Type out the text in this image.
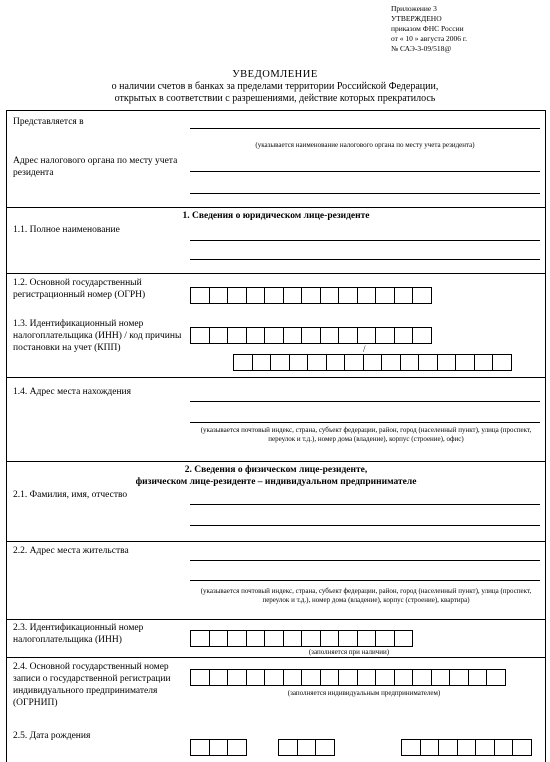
Приложение 3
УТВЕРЖДЕНО
приказом ФНС России
от « 10 » августа 2006 г.
№ САЭ-3-09/518@
УВЕДОМЛЕНИЕ
о наличии счетов в банках за пределами территории Российской Федерации,
открытых в соответствии с разрешениями, действие которых прекратилось
Представляется в
(указывается наименование налогового органа по месту учета резидента)
Адрес налогового органа по месту учета резидента
1. Сведения о юридическом лице-резиденте
1.1. Полное наименование
1.2. Основной государственный регистрационный номер (ОГРН)
1.3. Идентификационный номер налогоплательщика (ИНН) / код причины постановки на учет (КПП)	/
1.4. Адрес места нахождения
(указывается почтовый индекс, страна, субъект федерации, район, город (населенный пункт), улица (проспект, переулок и т.д.), номер дома (владение), корпус (строение), офис)
2. Сведения о физическом лице-резиденте,
физическом лице-резиденте – индивидуальном предпринимателе
2.1. Фамилия, имя, отчество
2.2. Адрес места жительства
(указывается почтовый индекс, страна, субъект федерации, район, город (населенный пункт), улица (проспект, переулок и т.д.), номер дома (владение), корпус (строение), квартира)
2.3. Идентификационный номер налогоплательщика (ИНН)
(заполняется при наличии)
2.4. Основной государственный номер записи о государственной регистрации индивидуального предпринимателя (ОГРНИП)
(заполняется индивидуальным предпринимателем)
2.5. Дата рождения
